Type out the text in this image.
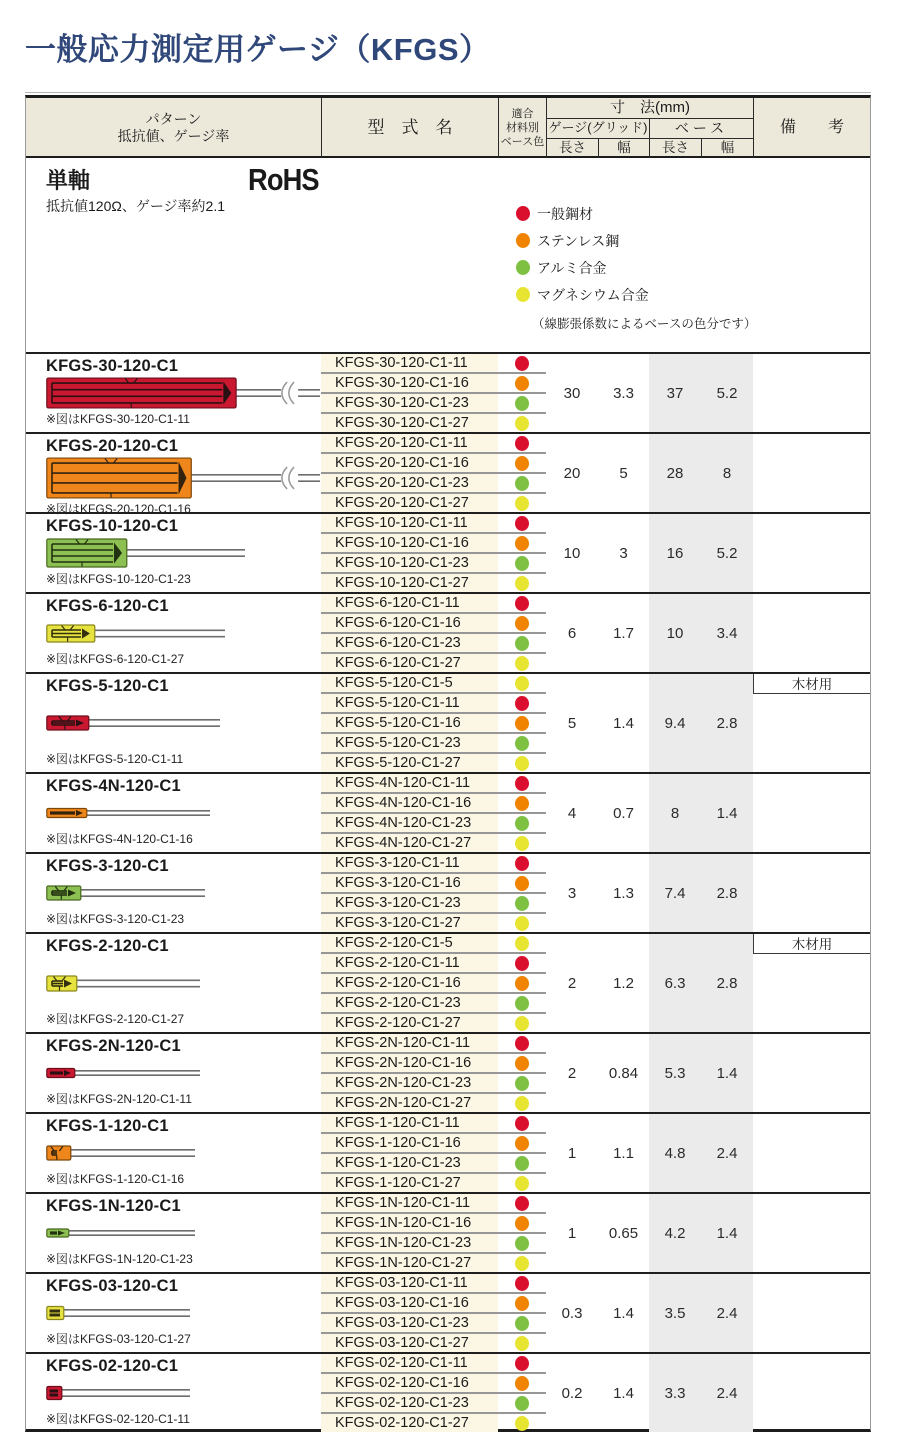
一般応力測定用ゲージ（KFGS）
パターン
抵抗値、ゲージ率	型　式　名
適合
材料別
ベース色
寸　法(mm)
ゲージ(グリッド)	ベース
長さ	幅	長さ	幅
備　　考
単軸
抵抗値120Ω、ゲージ率約2.1
RoHS
一般鋼材
ステンレス鋼
アルミ合金
マグネシウム合金
（線膨張係数によるベースの色分です）
KFGS-30-120-C1
※図はKFGS-30-120-C1-11
KFGS-30-120-C1-11
KFGS-30-120-C1-16
KFGS-30-120-C1-23
KFGS-30-120-C1-27
30	3.3	37	5.2
KFGS-20-120-C1
※図はKFGS-20-120-C1-16
KFGS-20-120-C1-11
KFGS-20-120-C1-16
KFGS-20-120-C1-23
KFGS-20-120-C1-27
20	5	28	8
KFGS-10-120-C1
※図はKFGS-10-120-C1-23
KFGS-10-120-C1-11
KFGS-10-120-C1-16
KFGS-10-120-C1-23
KFGS-10-120-C1-27
10	3	16	5.2
KFGS-6-120-C1
※図はKFGS-6-120-C1-27
KFGS-6-120-C1-11
KFGS-6-120-C1-16
KFGS-6-120-C1-23
KFGS-6-120-C1-27
6	1.7	10	3.4
KFGS-5-120-C1
※図はKFGS-5-120-C1-11
KFGS-5-120-C1-5
KFGS-5-120-C1-11
KFGS-5-120-C1-16
KFGS-5-120-C1-23
KFGS-5-120-C1-27
5	1.4	9.4	2.8
木材用
KFGS-4N-120-C1
※図はKFGS-4N-120-C1-16
KFGS-4N-120-C1-11
KFGS-4N-120-C1-16
KFGS-4N-120-C1-23
KFGS-4N-120-C1-27
4	0.7	8	1.4
KFGS-3-120-C1
※図はKFGS-3-120-C1-23
KFGS-3-120-C1-11
KFGS-3-120-C1-16
KFGS-3-120-C1-23
KFGS-3-120-C1-27
3	1.3	7.4	2.8
KFGS-2-120-C1
※図はKFGS-2-120-C1-27
KFGS-2-120-C1-5
KFGS-2-120-C1-11
KFGS-2-120-C1-16
KFGS-2-120-C1-23
KFGS-2-120-C1-27
2	1.2	6.3	2.8
木材用
KFGS-2N-120-C1
※図はKFGS-2N-120-C1-11
KFGS-2N-120-C1-11
KFGS-2N-120-C1-16
KFGS-2N-120-C1-23
KFGS-2N-120-C1-27
2	0.84	5.3	1.4
KFGS-1-120-C1
※図はKFGS-1-120-C1-16
KFGS-1-120-C1-11
KFGS-1-120-C1-16
KFGS-1-120-C1-23
KFGS-1-120-C1-27
1	1.1	4.8	2.4
KFGS-1N-120-C1
※図はKFGS-1N-120-C1-23
KFGS-1N-120-C1-11
KFGS-1N-120-C1-16
KFGS-1N-120-C1-23
KFGS-1N-120-C1-27
1	0.65	4.2	1.4
KFGS-03-120-C1
※図はKFGS-03-120-C1-27
KFGS-03-120-C1-11
KFGS-03-120-C1-16
KFGS-03-120-C1-23
KFGS-03-120-C1-27
0.3	1.4	3.5	2.4
KFGS-02-120-C1
※図はKFGS-02-120-C1-11
KFGS-02-120-C1-11
KFGS-02-120-C1-16
KFGS-02-120-C1-23
KFGS-02-120-C1-27
0.2	1.4	3.3	2.4
